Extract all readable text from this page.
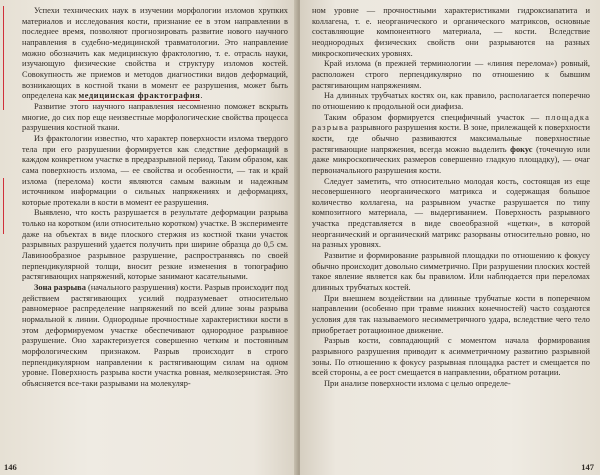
Успехи технических наук в изучении морфологии изломов хрупких материалов и исследования кости, признание ее в этом направлении в последнее время, позволяют прогнозировать развитие нового научного направления в судебно-медицинской травматологии. Это направление можно обозначить как медицинскую фрактологию, т. е. отрасль науки, изучающую физические свойства и структуру изломов костей. Совокупность же приемов и методов диагностики видов деформаций, возникающих в костной ткани в момент ее разрушения, может быть определена как медицинская фрактография.

Развитие этого научного направления несомненно поможет вскрыть многие, до сих пор еще неизвестные морфологические свойства процесса разрушения костной ткани.

Из фрактологии известно, что характер поверхности излома твердого тела при его разрушении формируется как следствие деформаций в каждом конкретном участке в предразрывной период. Таким образом, как сама поверхность излома, — ее свойства и особенности, — так и край излома (перелома) кости являются самым важным и надежным источником информации о сильных напряжениях и деформациях, которые протекали в кости в момент ее разрушения.

Выявлено, что кость разрушается в результате деформации разрыва только на коротком (или относительно коротком) участке. В эксперименте даже на объектах в виде плоского стержня из костной ткани участок разрывных разрушений удается получить при ширине образца до 0,5 см. Лавинообразное разрывное разрушение, распространяясь по своей перпендикулярной толщи, вносит резкие изменения в топографию растягивающих напряжений, которые занимают касательными.

Зона разрыва (начального разрушения) кости. Разрыв происходит под действием растягивающих усилий подразумевает относительно равномерное распределение напряжений по всей длине зоны разрыва нормальной к линии. Однородные прочностные характеристики кости в этом деформируемом участке обеспечивают однородное разрывное разрушение. Оно характеризуется совершенно четким и постоянным морфологическим признаком. Разрыв происходит в строго перпендикулярном направлении к растягивающим силам на одном уровне. Поверхность разрыва кости участка ровная, мелкозернистая. Это объясняется всe-таки разрывами на молекуляр-

146

ном уровне — прочностными характеристиками гидроксиапатита и коллагена, т. е. неорганического и органического матриксов, основные составляющие компонентного материала, — кости. Вследствие неоднородных физических свойств они разрываются на разных микроскопических уровнях.

Край излома (в прежней терминологии — «линия перелома») ровный, расположен строго перпендикулярно по отношению к бывшим растягивающим напряжениям.

На длинных трубчатых костях он, как правило, располагается поперечно по отношению к продольной оси диафиза.

Таким образом формируется специфичный участок — площадка разрыва разрывного разрушения кости. В зоне, прилежащей к поверхности кости, где обычно развиваются максимальные поверхностные растягивающие напряжения, всегда можно выделить фокус (точечную или даже микроскопических размеров совершенно гладкую площадку), — очаг первоначального разрушения кости.

Следует заметить, что относительно молодая кость, состоящая из еще несовершенного неорганического матрикса и содержащая большое количество коллагена, на разрывном участке разрушается по типу композитного материала, — выдергиванием. Поверхность разрывного участка представляется в виде своеобразной «щетки», в которой неорганический и органический матрикс разорваны относительно ровно, но на разных уровнях.

Развитие и формирование разрывной площадки по отношению к фокусу обычно происходит довольно симметрично. При разрушении плоских костей такое явление является как бы правилом. Или наблюдается при переломах длинных трубчатых костей.

При внешнем воздействии на длинные трубчатые кости в поперечном направлении (особенно при травме нижних конечностей) часто создаются условия для так называемого несимметричного удара, вследствие чего тело приобретает ротационное движение.

Разрыв кости, совпадающий с моментом начала формирования разрывного разрушения приводит к асимметричному развитию разрывной зоны. По отношению к фокусу разрывная площадка растет и смещается по всей стороны, а ее рост смещается в направлении, обратном ротации.

При анализе поверхности излома с целью определе-

147
